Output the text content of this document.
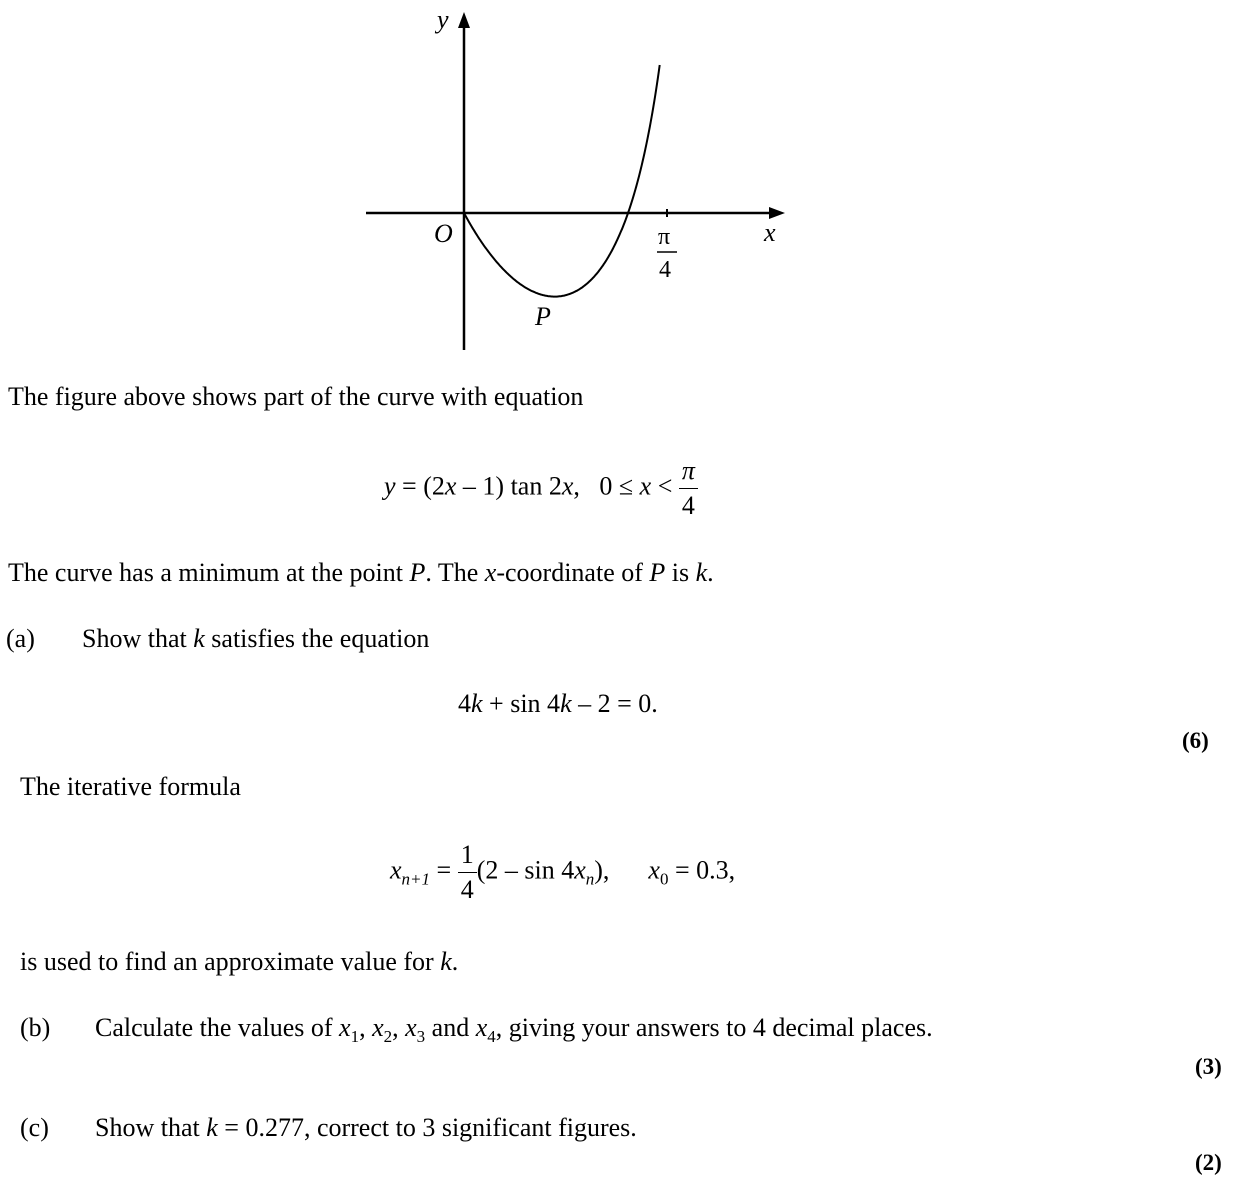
y
x
O
P
π
4
The figure above shows part of the curve with equation
y = (2x – 1) tan 2x, $0 \le x < \frac{\pi}{4}$
The curve has a minimum at the point P. The x-coordinate of P is k.
(a) Show that k satisfies the equation
4k + sin 4k – 2 = 0.
(6)
The iterative formula
$x_{n+1} = \frac{1}{4} (2 - \sin 4x_n)$, $x_0 = 0.3$,
is used to find an approximate value for k.
(b) Calculate the values of $x_1$, $x_2$, $x_3$ and $x_4$, giving your answers to 4 decimal places.
(3)
(c) Show that k = 0.277, correct to 3 significant figures.
(2)
